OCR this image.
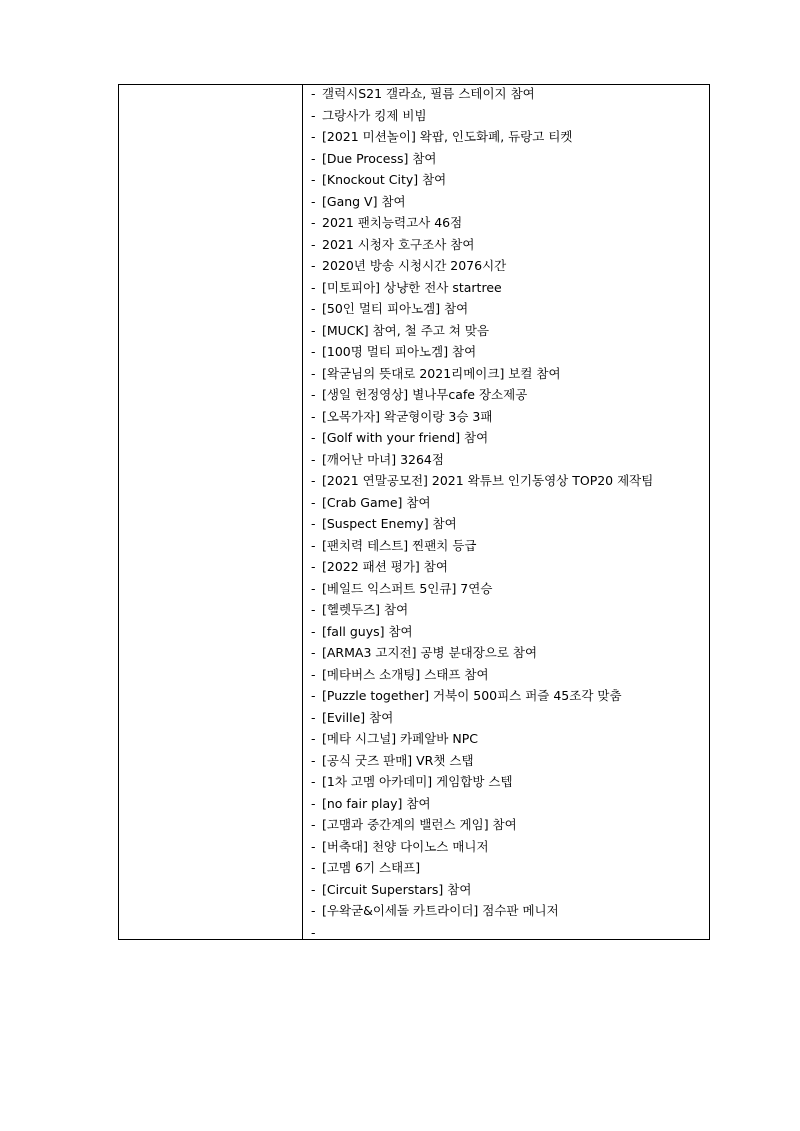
- 갤럭시S21 갤라쇼, 필름 스테이지 참여
- 그랑사가 킹제 비빔
- [2021 미션놀이] 왁팝, 인도화폐, 듀랑고 티켓
- [Due Process] 참여
- [Knockout City] 참여
- [Gang V] 참여
- 2021 팬치능력고사 46점
- 2021 시청자 호구조사 참여
- 2020년 방송 시청시간 2076시간
- [미토피아] 상냥한 전사 startree
- [50인 멀티 피아노겜] 참여
- [MUCK] 참여, 철 주고 쳐 맞음
- [100명 멀티 피아노겜] 참여
- [왁굳님의 뜻대로 2021리메이크] 보컬 참여
- [생일 헌정영상] 별나무cafe 장소제공
- [오목가자] 왁굳형이랑 3승 3패
- [Golf with your friend] 참여
- [깨어난 마녀] 3264점
- [2021 연말공모전] 2021 왁튜브 인기동영상 TOP20 제작팀
- [Crab Game] 참여
- [Suspect Enemy] 참여
- [팬치력 테스트] 찐팬치 등급
- [2022 패션 평가] 참여
- [베일드 익스퍼트 5인큐] 7연승
- [헬렛두즈] 참여
- [fall guys] 참여
- [ARMA3 고지전] 공병 분대장으로 참여
- [메타버스 소개팅] 스태프 참여
- [Puzzle together] 거북이 500피스 퍼즐 45조각 맞춤
- [Eville] 참여
- [메타 시그널] 카페알바 NPC
- [공식 굿즈 판매] VR챗 스탭
- [1차 고멤 아카데미] 게임합방 스텝
- [no fair play] 참여
- [고맴과 중간계의 밸런스 게임] 참여
- [버축대] 천양 다이노스 매니저
- [고멤 6기 스태프]
- [Circuit Superstars] 참여
- [우왁굳&이세돌 카트라이더] 점수판 메니저
-
